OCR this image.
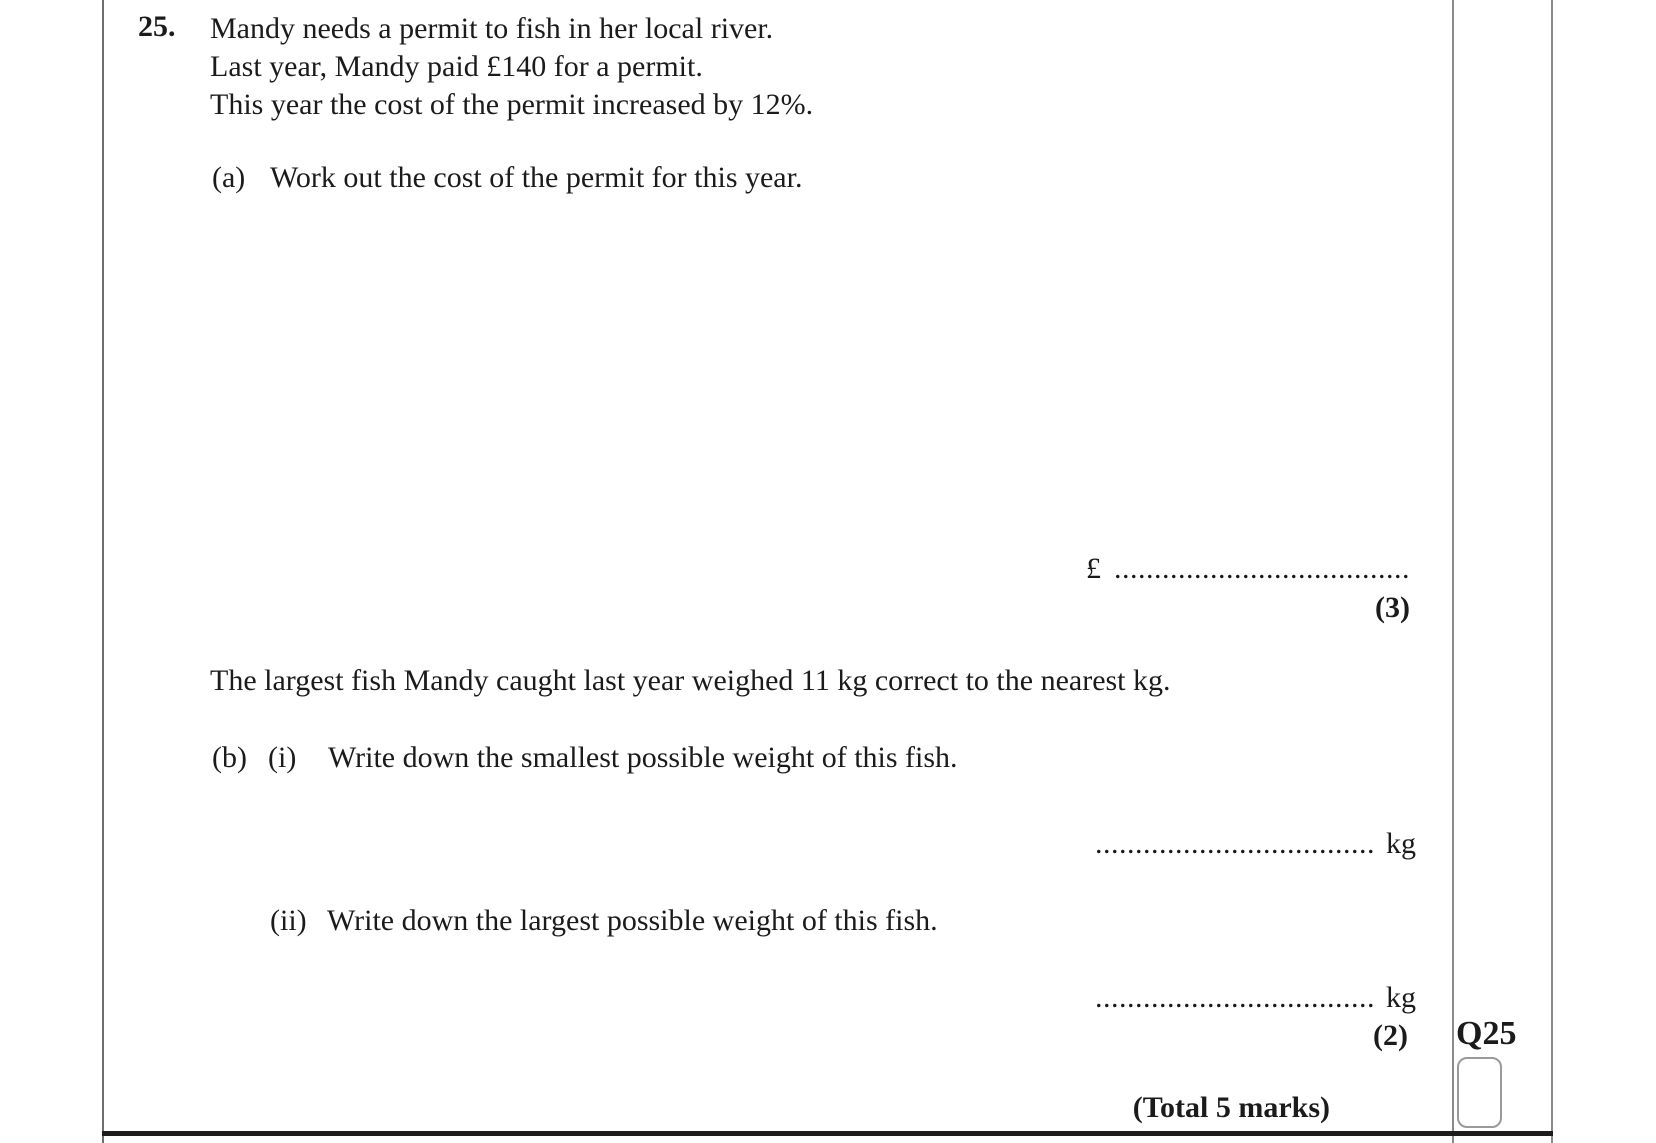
25. Mandy needs a permit to fish in her local river.
Last year, Mandy paid £140 for a permit.
This year the cost of the permit increased by 12%.
(a) Work out the cost of the permit for this year.
£ .....................................
(3)
The largest fish Mandy caught last year weighed 11 kg correct to the nearest kg.
(b) (i) Write down the smallest possible weight of this fish.
................................... kg
(ii) Write down the largest possible weight of this fish.
................................... kg
(2) Q25
(Total 5 marks)
